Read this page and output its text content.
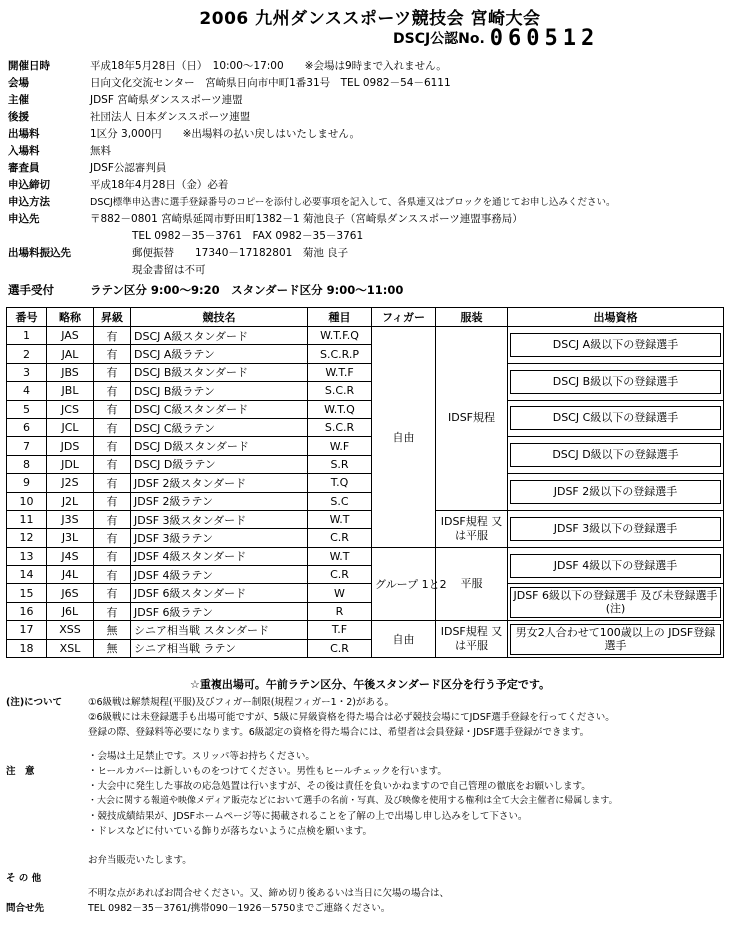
2006 九州ダンススポーツ競技会 宮崎大会
DSCJ公認No. 060512
開催日時	平成18年5月28日（日）　10:00～17:00　　※会場は9時まで入れません。
会場	日向文化交流センター　宮崎県日向市中町1番31号　TEL 0982－54－6111
主催	JDSF 宮崎県ダンススポーツ連盟
後援	社団法人 日本ダンススポーツ連盟
出場料	1区分 3,000円　　※出場料の払い戻しはいたしません。
入場料	無料
審査員	JDSF公認審判員
申込締切	平成18年4月28日（金）必着
申込方法	DSCJ標準申込書に選手登録番号のコピーを添付し必要事項を記入して、各県連又はブロックを通じてお申し込みください。
申込先	〒882－0801 宮崎県延岡市野田町1382－1 菊池良子（宮崎県ダンススポーツ連盟事務局）
TEL 0982－35－3761　FAX 0982－35－3761
出場料振込先	郵便振替　　17340－17182801　菊池 良子
現金書留は不可
選手受付	ラテン区分 9:00～9:20　スタンダード区分 9:00～11:00
番号	略称	昇級	競技名	種目	フィガー	服装	出場資格
1	JAS	有	DSCJ A級スタンダード	W.T.F.Q	自由	IDSF規程	DSCJ A級以下の登録選手

2	JAL	有	DSCJ A級ラテン	S.C.R.P			
3	JBS	有	DSCJ B級スタンダード	W.T.F			DSCJ B級以下の登録選手

4	JBL	有	DSCJ B級ラテン	S.C.R			
5	JCS	有	DSCJ C級スタンダード	W.T.Q			DSCJ C級以下の登録選手

6	JCL	有	DSCJ C級ラテン	S.C.R			
7	JDS	有	DSCJ D級スタンダード	W.F			DSCJ D級以下の登録選手

8	JDL	有	DSCJ D級ラテン	S.R			
9	J2S	有	JDSF 2級スタンダード	T.Q			JDSF 2級以下の登録選手

10	J2L	有	JDSF 2級ラテン	S.C			
11	J3S	有	JDSF 3級スタンダード	W.T		IDSF規程 又は平服	JDSF 3級以下の登録選手

12	J3L	有	JDSF 3級ラテン	C.R			
13	J4S	有	JDSF 4級スタンダード	W.T	グループ 1と2	平服	JDSF 4級以下の登録選手

14	J4L	有	JDSF 4級ラテン	C.R			
15	J6S	有	JDSF 6級スタンダード	W			JDSF 6級以下の登録選手 及び未登録選手(注)

16	J6L	有	JDSF 6級ラテン	R			
17	XSS	無	シニア相当戦 スタンダード	T.F	自由	IDSF規程 又は平服	男女2人合わせて100歳以上の JDSF登録選手

18	XSL	無	シニア相当戦 ラテン	C.R			
☆重複出場可。午前ラテン区分、午後スタンダード区分を行う予定です。
(注)について	①6級戦は解禁規程(平服)及びフィガー制限(規程フィガー1・2)がある。
②6級戦には未登録選手も出場可能ですが、5級に昇級資格を得た場合は必ず競技会場にてJDSF選手登録を行ってください。
登録の際、登録料等必要になります。6級認定の資格を得た場合には、希望者は会員登録・JDSF選手登録ができます。
・会場は土足禁止です。スリッパ等お持ちください。
注　意	・ヒールカバーは新しいものをつけてください。男性もヒールチェックを行います。
・大会中に発生した事故の応急処置は行いますが、その後は責任を負いかねますので自己管理の徹底をお願いします。
・大会に関する報道や映像メディア販売などにおいて選手の名前・写真、及び映像を使用する権利は全て大会主催者に帰属します。
・競技成績結果が、JDSFホームページ等に掲載されることを了解の上で出場し申し込みをして下さい。
・ドレスなどに付いている飾りが落ちないように点検を願います。
お弁当販売いたします。
そ の 他
不明な点があればお問合せください。又、締め切り後あるいは当日に欠場の場合は、
問合せ先	TEL 0982－35－3761/携帯090－1926－5750までご連絡ください。
